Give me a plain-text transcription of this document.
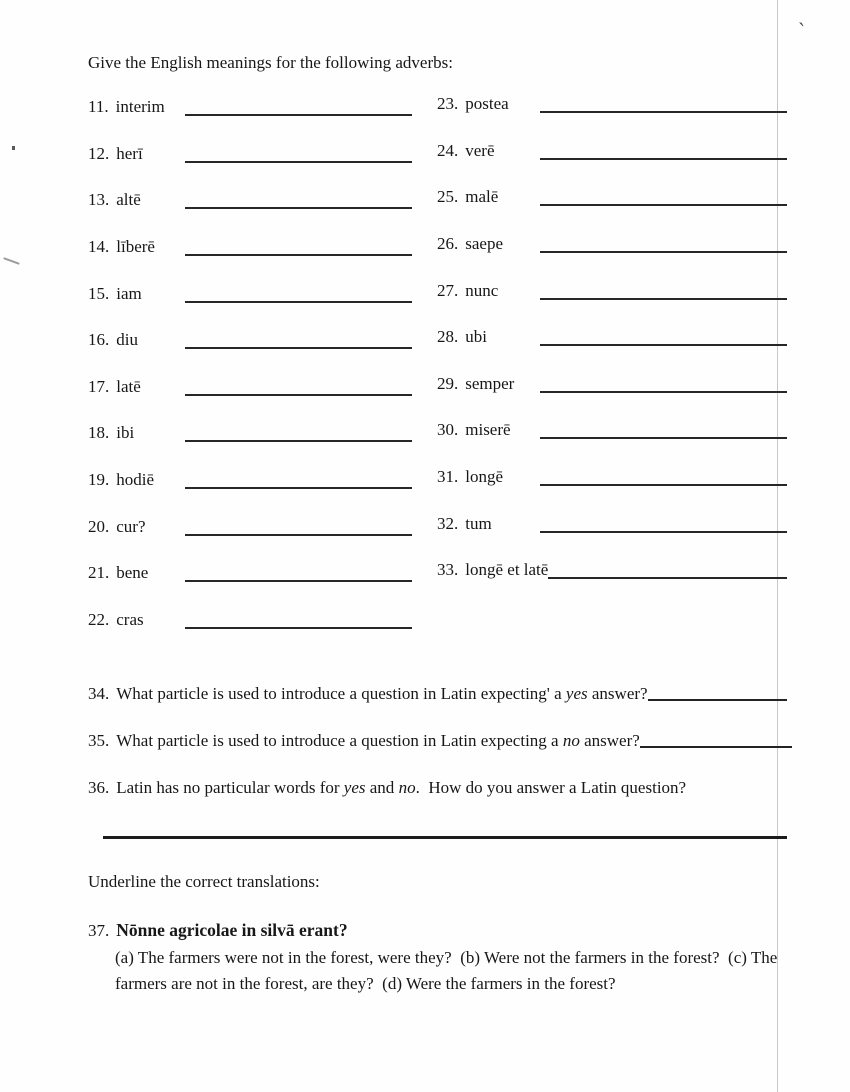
`
Give the English meanings for the following adverbs:
11. interim
12. herī
13. altē
14. līberē
15. iam
16. diu
17. latē
18. ibi
19. hodiē
20. cur?
21. bene
22. cras
23. postea
24. verē
25. malē
26. saepe
27. nunc
28. ubi
29. semper
30. miserē
31. longē
32. tum
33. longē et latē
34. What particle is used to introduce a question in Latin expecting' a yes answer?
35. What particle is used to introduce a question in Latin expecting a no answer?
36. Latin has no particular words for yes and no.  How do you answer a Latin question?
Underline the correct translations:
37. Nōnne agricolae in silvā erant?
(a) The farmers were not in the forest, were they?  (b) Were not the farmers in the forest?  (c) The farmers are not in the forest, are they?  (d) Were the farmers in the forest?
